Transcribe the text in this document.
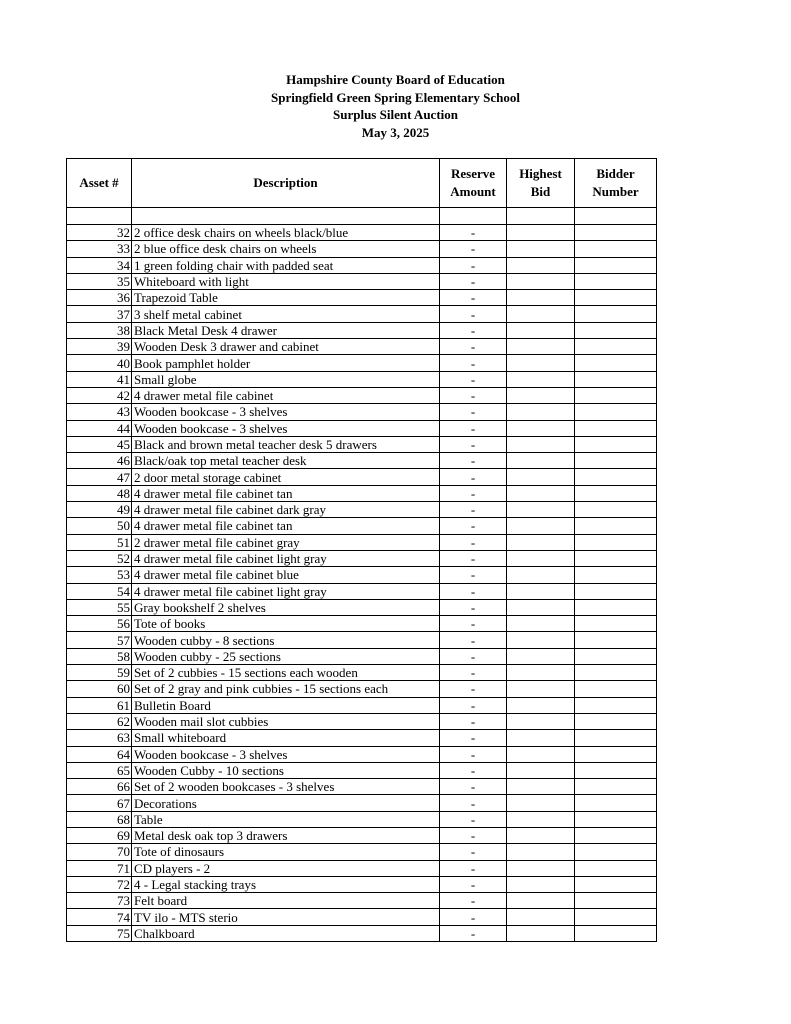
Hampshire County Board of Education
Springfield Green Spring Elementary School
Surplus Silent Auction
May 3, 2025
Asset #	Description	Reserve Amount	Highest Bid	Bidder Number

32	2 office desk chairs on wheels black/blue	-		
33	2 blue office desk chairs on wheels	-		
34	1 green folding chair with padded seat	-		
35	Whiteboard with light	-		
36	Trapezoid Table	-		
37	3 shelf metal cabinet	-		
38	Black Metal Desk 4 drawer	-		
39	Wooden Desk 3 drawer and cabinet	-		
40	Book pamphlet holder	-		
41	Small globe	-		
42	4 drawer metal file cabinet	-		
43	Wooden bookcase - 3 shelves	-		
44	Wooden bookcase - 3 shelves	-		
45	Black and brown metal teacher desk 5 drawers	-		
46	Black/oak top metal teacher desk	-		
47	2 door metal storage cabinet	-		
48	4 drawer metal file cabinet tan	-		
49	4 drawer metal file cabinet dark gray	-		
50	4 drawer metal file cabinet tan	-		
51	2 drawer metal file cabinet gray	-		
52	4 drawer metal file cabinet light gray	-		
53	4 drawer metal file cabinet blue	-		
54	4 drawer metal file cabinet light gray	-		
55	Gray bookshelf 2 shelves	-		
56	Tote of books	-		
57	Wooden cubby - 8 sections	-		
58	Wooden cubby - 25 sections	-		
59	Set of 2 cubbies - 15 sections each wooden	-		
60	Set of 2 gray and pink cubbies - 15 sections each	-		
61	Bulletin Board	-		
62	Wooden mail slot cubbies	-		
63	Small whiteboard	-		
64	Wooden bookcase - 3 shelves	-		
65	Wooden Cubby - 10 sections	-		
66	Set of 2 wooden bookcases - 3 shelves	-		
67	Decorations	-		
68	Table	-		
69	Metal desk oak top 3 drawers	-		
70	Tote of dinosaurs	-		
71	CD players - 2	-		
72	4 - Legal stacking trays	-		
73	Felt board	-		
74	TV ilo - MTS sterio	-		
75	Chalkboard	-		
